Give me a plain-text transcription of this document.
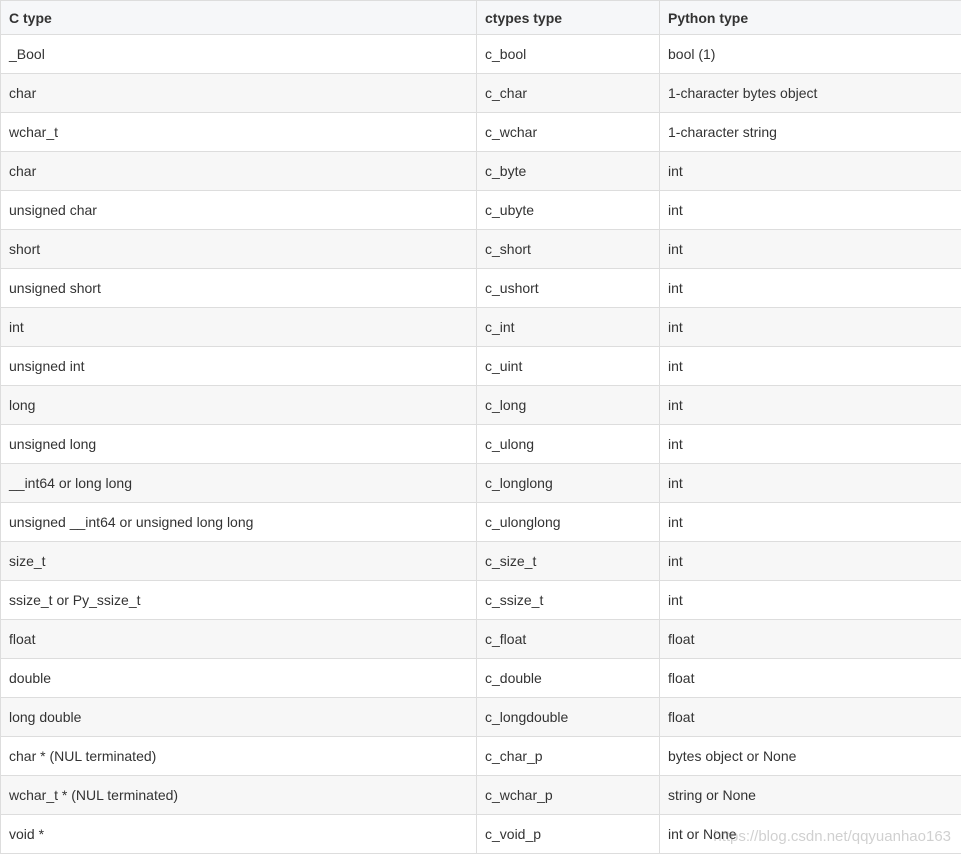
C type	ctypes type	Python type
_Bool	c_bool	bool (1)
char	c_char	1-character bytes object
wchar_t	c_wchar	1-character string
char	c_byte	int
unsigned char	c_ubyte	int
short	c_short	int
unsigned short	c_ushort	int
int	c_int	int
unsigned int	c_uint	int
long	c_long	int
unsigned long	c_ulong	int
__int64 or long long	c_longlong	int
unsigned __int64 or unsigned long long	c_ulonglong	int
size_t	c_size_t	int
ssize_t or Py_ssize_t	c_ssize_t	int
float	c_float	float
double	c_double	float
long double	c_longdouble	float
char * (NUL terminated)	c_char_p	bytes object or None
wchar_t * (NUL terminated)	c_wchar_p	string or None
void *	c_void_p	int or None
https://blog.csdn.net/qqyuanhao163
